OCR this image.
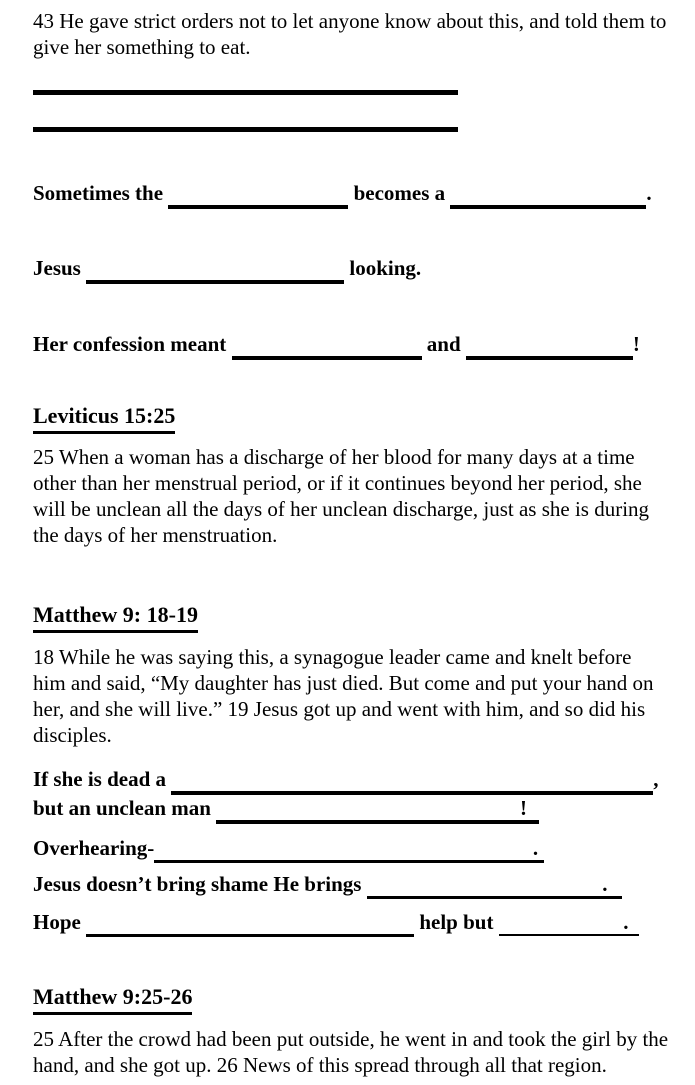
43 He gave strict orders not to let anyone know about this, and told them to give her something to eat.

Sometimes the	becomes a	.
Jesus	looking.
Her confession meant	and	!

Leviticus 15:25

25 When a woman has a discharge of her blood for many days at a time other than her menstrual period, or if it continues beyond her period, she will be unclean all the days of her unclean discharge, just as she is during the days of her menstruation.

Matthew 9: 18-19

18 While he was saying this, a synagogue leader came and knelt before him and said, “My daughter has just died. But come and put your hand on her, and she will live.” 19 Jesus got up and went with him, and so did his disciples.

If she is dead a	,
but an unclean man	!
Overhearing-	.
Jesus doesn’t bring shame He brings	.
Hope	help but	.

Matthew 9:25-26

25 After the crowd had been put outside, he went in and took the girl by the hand, and she got up. 26 News of this spread through all that region.
